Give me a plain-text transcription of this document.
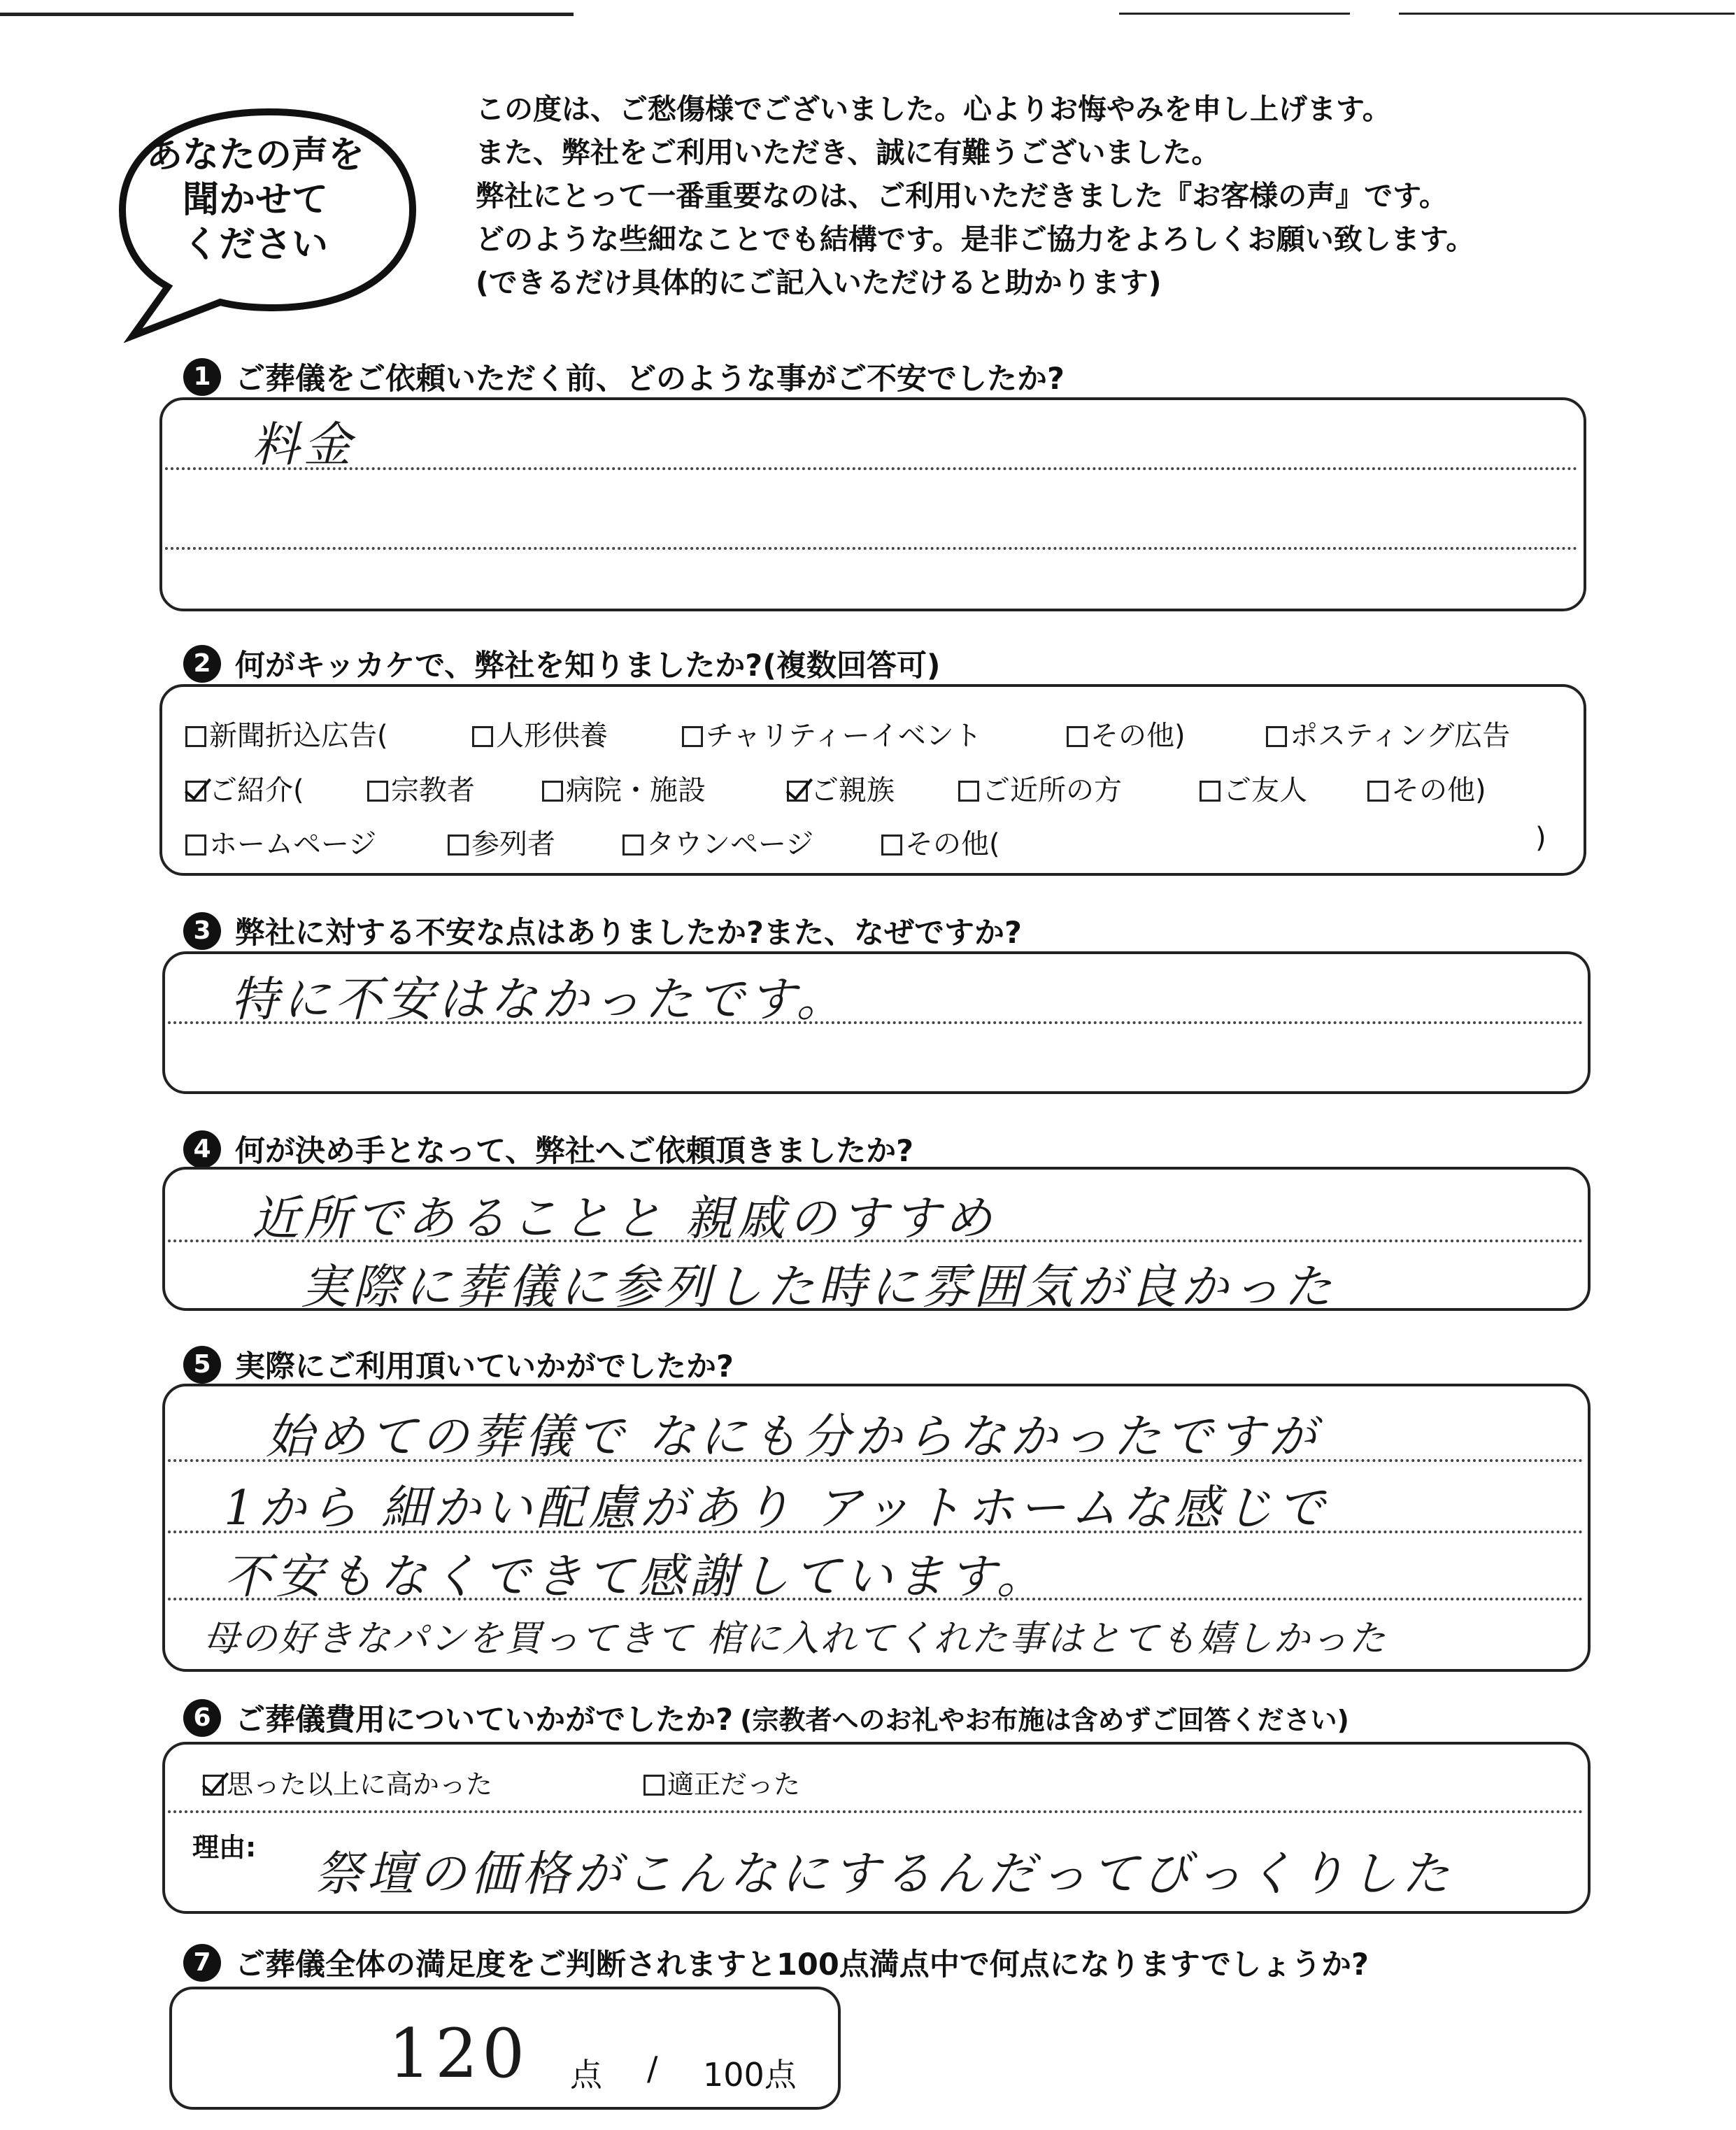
あなたの声を
聞かせて
ください
この度は、ご愁傷様でございました。心よりお悔やみを申し上げます。
また、弊社をご利用いただき、誠に有難うございました。
弊社にとって一番重要なのは、ご利用いただきました『お客様の声』です。
どのような些細なことでも結構です。是非ご協力をよろしくお願い致します。
(できるだけ具体的にご記入いただけると助かります)
1 ご葬儀をご依頼いただく前、どのような事がご不安でしたか?
料金
2 何がキッカケで、弊社を知りましたか?(複数回答可)
新聞折込広告(	人形供養	チャリティーイベント	その他)	ポスティング広告
ご紹介(	宗教者	病院・施設	ご親族	ご近所の方	ご友人	その他)
ホームページ	参列者	タウンページ	その他(	)
3 弊社に対する不安な点はありましたか?また、なぜですか?
特に不安はなかったです。
4 何が決め手となって、弊社へご依頼頂きましたか?
近所であることと 親戚のすすめ
実際に葬儀に参列した時に雰囲気が良かった
5 実際にご利用頂いていかがでしたか?
始めての葬儀で なにも分からなかったですが
1から 細かい配慮があり アットホームな感じで
不安もなくできて感謝しています。
母の好きなパンを買ってきて 棺に入れてくれた事はとても嬉しかった
6 ご葬儀費用についていかがでしたか? (宗教者へのお礼やお布施は含めずご回答ください)
思った以上に高かった	適正だった
理由: 祭壇の価格がこんなにするんだってびっくりした
7 ご葬儀全体の満足度をご判断されますと100点満点中で何点になりますでしょうか?
120 点 / 100点
